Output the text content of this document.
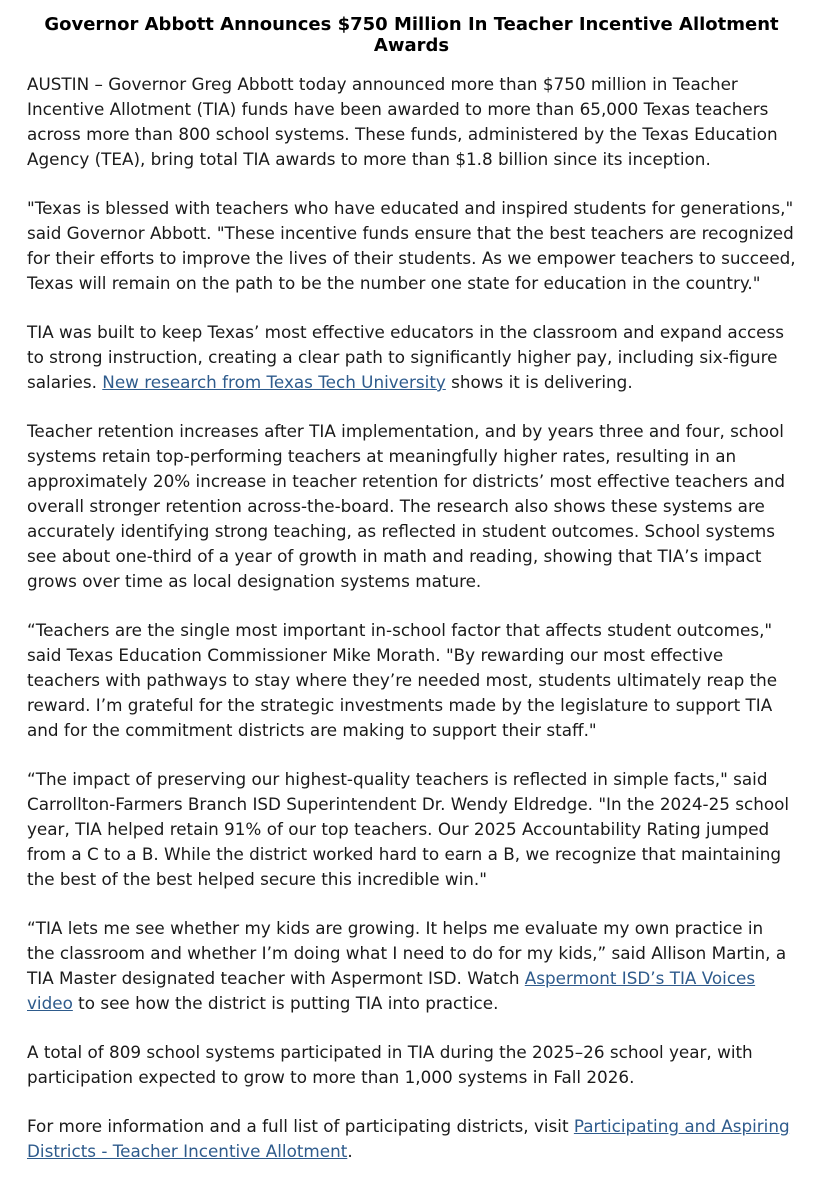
Governor Abbott Announces $750 Million In Teacher Incentive Allotment Awards

AUSTIN – Governor Greg Abbott today announced more than $750 million in Teacher Incentive Allotment (TIA) funds have been awarded to more than 65,000 Texas teachers across more than 800 school systems. These funds, administered by the Texas Education Agency (TEA), bring total TIA awards to more than $1.8 billion since its inception.

"Texas is blessed with teachers who have educated and inspired students for generations," said Governor Abbott. "These incentive funds ensure that the best teachers are recognized for their efforts to improve the lives of their students. As we empower teachers to succeed, Texas will remain on the path to be the number one state for education in the country."

TIA was built to keep Texas’ most effective educators in the classroom and expand access to strong instruction, creating a clear path to significantly higher pay, including six-figure salaries. New research from Texas Tech University shows it is delivering.

Teacher retention increases after TIA implementation, and by years three and four, school systems retain top-performing teachers at meaningfully higher rates, resulting in an approximately 20% increase in teacher retention for districts’ most effective teachers and overall stronger retention across-the-board. The research also shows these systems are accurately identifying strong teaching, as reflected in student outcomes. School systems see about one-third of a year of growth in math and reading, showing that TIA’s impact grows over time as local designation systems mature.

“Teachers are the single most important in-school factor that affects student outcomes," said Texas Education Commissioner Mike Morath. "By rewarding our most effective teachers with pathways to stay where they’re needed most, students ultimately reap the reward. I’m grateful for the strategic investments made by the legislature to support TIA and for the commitment districts are making to support their staff."

“The impact of preserving our highest-quality teachers is reflected in simple facts," said Carrollton-Farmers Branch ISD Superintendent Dr. Wendy Eldredge. "In the 2024-25 school year, TIA helped retain 91% of our top teachers. Our 2025 Accountability Rating jumped from a C to a B. While the district worked hard to earn a B, we recognize that maintaining the best of the best helped secure this incredible win."

“TIA lets me see whether my kids are growing. It helps me evaluate my own practice in the classroom and whether I’m doing what I need to do for my kids,” said Allison Martin, a TIA Master designated teacher with Aspermont ISD. Watch Aspermont ISD’s TIA Voices video to see how the district is putting TIA into practice.

A total of 809 school systems participated in TIA during the 2025–26 school year, with participation expected to grow to more than 1,000 systems in Fall 2026.

For more information and a full list of participating districts, visit Participating and Aspiring Districts - Teacher Incentive Allotment.
